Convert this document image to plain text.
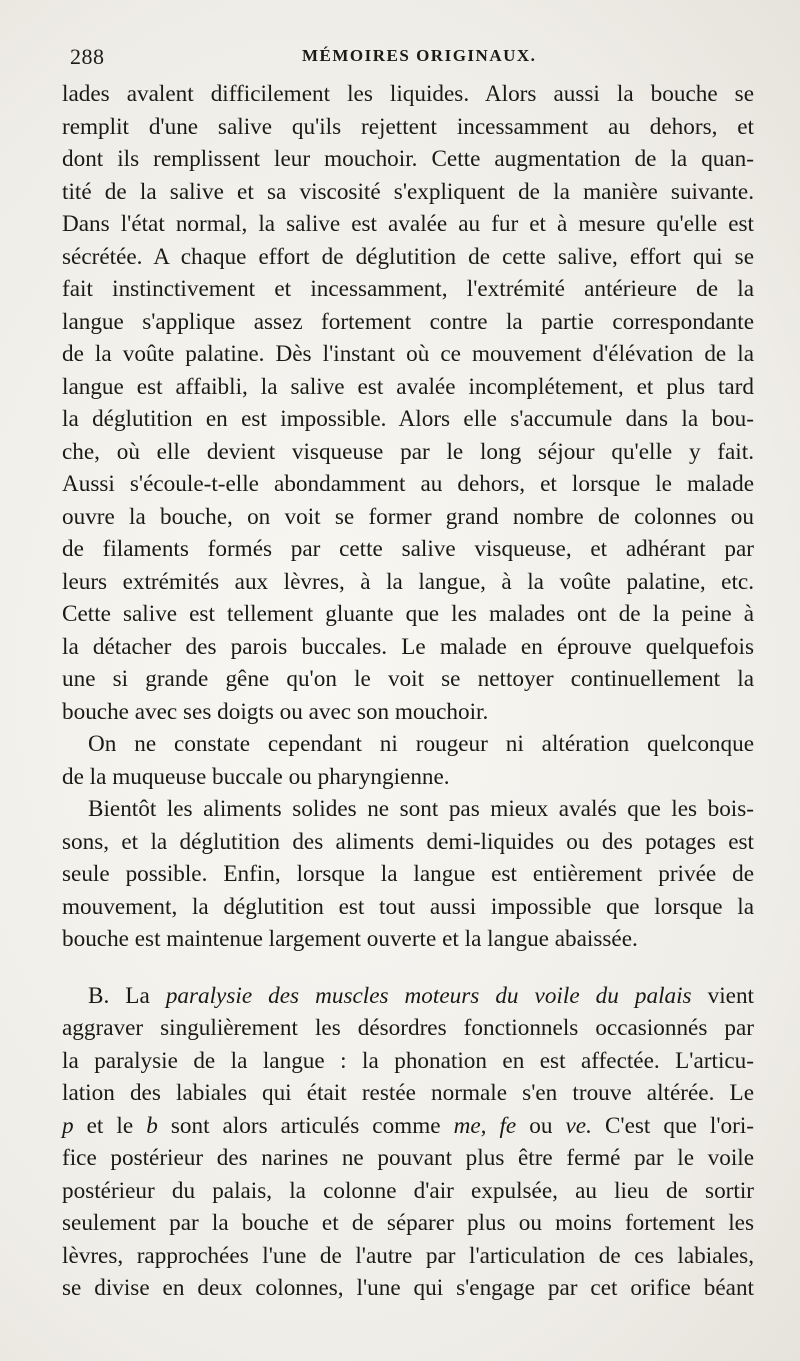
288	MÉMOIRES ORIGINAUX.

lades avalent difficilement les liquides. Alors aussi la bouche se
remplit d'une salive qu'ils rejettent incessamment au dehors, et
dont ils remplissent leur mouchoir. Cette augmentation de la quan-
tité de la salive et sa viscosité s'expliquent de la manière suivante.
Dans l'état normal, la salive est avalée au fur et à mesure qu'elle est
sécrétée. A chaque effort de déglutition de cette salive, effort qui se
fait instinctivement et incessamment, l'extrémité antérieure de la
langue s'applique assez fortement contre la partie correspondante
de la voûte palatine. Dès l'instant où ce mouvement d'élévation de la
langue est affaibli, la salive est avalée incomplétement, et plus tard
la déglutition en est impossible. Alors elle s'accumule dans la bou-
che, où elle devient visqueuse par le long séjour qu'elle y fait.
Aussi s'écoule-t-elle abondamment au dehors, et lorsque le malade
ouvre la bouche, on voit se former grand nombre de colonnes ou
de filaments formés par cette salive visqueuse, et adhérant par
leurs extrémités aux lèvres, à la langue, à la voûte palatine, etc.
Cette salive est tellement gluante que les malades ont de la peine à
la détacher des parois buccales. Le malade en éprouve quelquefois
une si grande gêne qu'on le voit se nettoyer continuellement la
bouche avec ses doigts ou avec son mouchoir.

On ne constate cependant ni rougeur ni altération quelconque
de la muqueuse buccale ou pharyngienne.

Bientôt les aliments solides ne sont pas mieux avalés que les bois-
sons, et la déglutition des aliments demi-liquides ou des potages est
seule possible. Enfin, lorsque la langue est entièrement privée de
mouvement, la déglutition est tout aussi impossible que lorsque la
bouche est maintenue largement ouverte et la langue abaissée.

B. La paralysie des muscles moteurs du voile du palais vient
aggraver singulièrement les désordres fonctionnels occasionnés par
la paralysie de la langue : la phonation en est affectée. L'articu-
lation des labiales qui était restée normale s'en trouve altérée. Le
p et le b sont alors articulés comme me, fe ou ve. C'est que l'ori-
fice postérieur des narines ne pouvant plus être fermé par le voile
postérieur du palais, la colonne d'air expulsée, au lieu de sortir
seulement par la bouche et de séparer plus ou moins fortement les
lèvres, rapprochées l'une de l'autre par l'articulation de ces labiales,
se divise en deux colonnes, l'une qui s'engage par cet orifice béant
